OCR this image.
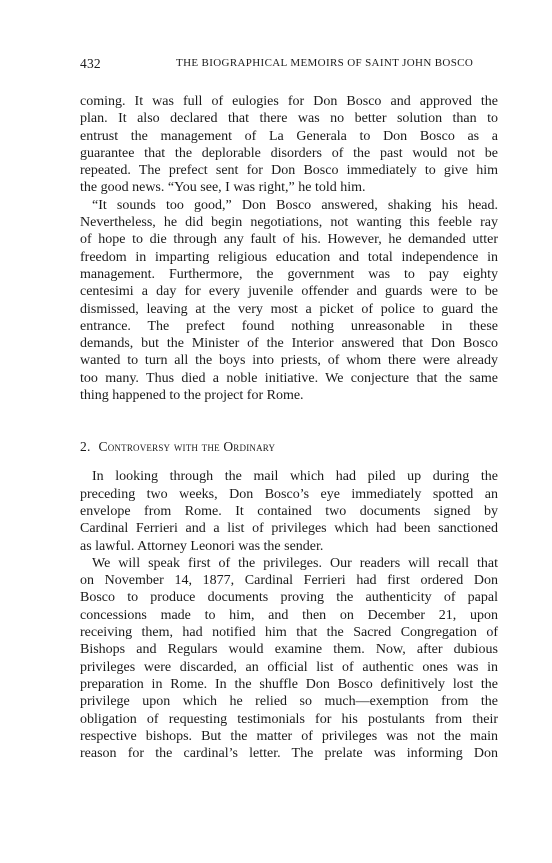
432	THE BIOGRAPHICAL MEMOIRS OF SAINT JOHN BOSCO
coming. It was full of eulogies for Don Bosco and approved the
plan. It also declared that there was no better solution than to
entrust the management of La Generala to Don Bosco as a
guarantee that the deplorable disorders of the past would not be
repeated. The prefect sent for Don Bosco immediately to give him
the good news. “You see, I was right,” he told him.
“It sounds too good,” Don Bosco answered, shaking his head.
Nevertheless, he did begin negotiations, not wanting this feeble ray
of hope to die through any fault of his. However, he demanded utter
freedom in imparting religious education and total independence in
management. Furthermore, the government was to pay eighty
centesimi a day for every juvenile offender and guards were to be
dismissed, leaving at the very most a picket of police to guard the
entrance. The prefect found nothing unreasonable in these
demands, but the Minister of the Interior answered that Don Bosco
wanted to turn all the boys into priests, of whom there were already
too many. Thus died a noble initiative. We conjecture that the same
thing happened to the project for Rome.
2. Controversy with the Ordinary
In looking through the mail which had piled up during the
preceding two weeks, Don Bosco’s eye immediately spotted an
envelope from Rome. It contained two documents signed by
Cardinal Ferrieri and a list of privileges which had been sanctioned
as lawful. Attorney Leonori was the sender.
We will speak first of the privileges. Our readers will recall that
on November 14, 1877, Cardinal Ferrieri had first ordered Don
Bosco to produce documents proving the authenticity of papal
concessions made to him, and then on December 21, upon
receiving them, had notified him that the Sacred Congregation of
Bishops and Regulars would examine them. Now, after dubious
privileges were discarded, an official list of authentic ones was in
preparation in Rome. In the shuffle Don Bosco definitively lost the
privilege upon which he relied so much—exemption from the
obligation of requesting testimonials for his postulants from their
respective bishops. But the matter of privileges was not the main
reason for the cardinal’s letter. The prelate was informing Don
